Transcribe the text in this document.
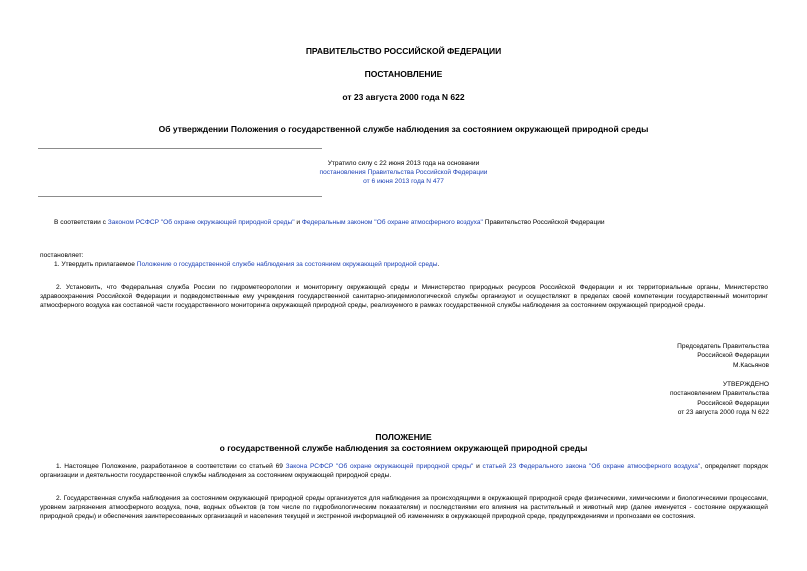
ПРАВИТЕЛЬСТВО РОССИЙСКОЙ ФЕДЕРАЦИИ
ПОСТАНОВЛЕНИЕ
от 23 августа 2000 года N 622
Об утверждении Положения о государственной службе наблюдения за состоянием окружающей природной среды
Утратило силу с 22 июня 2013 года на основании
постановления Правительства Российской Федерации
от 6 июня 2013 года N 477
В соответствии с Законом РСФСР "Об охране окружающей природной среды" и Федеральным законом "Об охране атмосферного воздуха" Правительство Российской Федерации
постановляет:
1. Утвердить прилагаемое Положение о государственной службе наблюдения за состоянием окружающей природной среды.
2. Установить, что Федеральная служба России по гидрометеорологии и мониторингу окружающей среды и Министерство природных ресурсов Российской Федерации и их территориальные органы, Министерство здравоохранения Российской Федерации и подведомственные ему учреждения государственной санитарно-эпидемиологической службы организуют и осуществляют в пределах своей компетенции государственный мониторинг атмосферного воздуха как составной части государственного мониторинга окружающей природной среды, реализуемого в рамках государственной службы наблюдения за состоянием окружающей природной среды.
Председатель Правительства
Российской Федерации
М.Касьянов
УТВЕРЖДЕНО
постановлением Правительства
Российской Федерации
от 23 августа 2000 года N 622
ПОЛОЖЕНИЕ
о государственной службе наблюдения за состоянием окружающей природной среды
1. Настоящее Положение, разработанное в соответствии со статьей 69 Закона РСФСР "Об охране окружающей природной среды" и статьей 23 Федерального закона "Об охране атмосферного воздуха", определяет порядок организации и деятельности государственной службы наблюдения за состоянием окружающей природной среды.
2. Государственная служба наблюдения за состоянием окружающей природной среды организуется для наблюдения за происходящими в окружающей природной среде физическими, химическими и биологическими процессами, уровнем загрязнения атмосферного воздуха, почв, водных объектов (в том числе по гидробиологическим показателям) и последствиями его влияния на растительный и животный мир (далее именуется - состояние окружающей природной среды) и обеспечения заинтересованных организаций и населения текущей и экстренной информацией об изменениях в окружающей природной среде, предупреждениями и прогнозами ее состояния.
